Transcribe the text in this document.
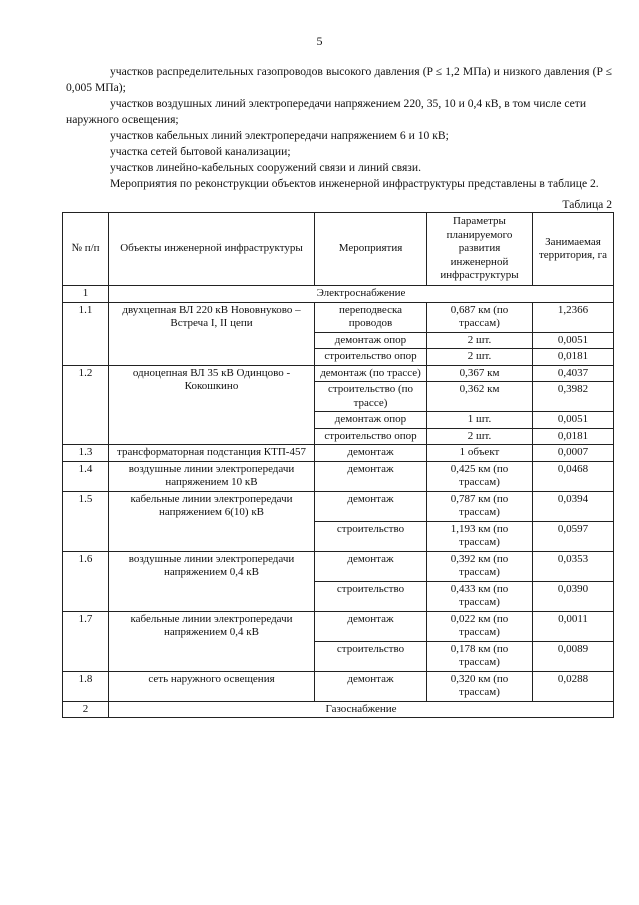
5

участков распределительных газопроводов высокого давления (P ≤ 1,2 МПа) и низкого давления (P ≤ 0,005 МПа);

участков воздушных линий электропередачи напряжением 220, 35, 10 и 0,4 кВ, в том числе сети наружного освещения;

участков кабельных линий электропередачи напряжением 6 и 10 кВ;

участка сетей бытовой канализации;

участков линейно-кабельных сооружений связи и линий связи.

Мероприятия по реконструкции объектов инженерной инфраструктуры представлены в таблице 2.

Таблица 2
№ п/п	Объекты инженерной инфраструктуры	Мероприятия	Параметры планируемого развития инженерной инфраструктуры	Занимаемая территория, га
1	Электроснабжение			
1.1	двухцепная ВЛ 220 кВ Нововнуково – Встреча I, II цепи	переподвеска проводов	0,687 км (по трассам)	1,2366
		демонтаж опор	2 шт.	0,0051
		строительство опор	2 шт.	0,0181
1.2	одноцепная ВЛ 35 кВ Одинцово - Кокошкино	демонтаж (по трассе)	0,367 км	0,4037
		строительство (по трассе)	0,362 км	0,3982
		демонтаж опор	1 шт.	0,0051
		строительство опор	2 шт.	0,0181
1.3	трансформаторная подстанция КТП-457	демонтаж	1 объект	0,0007
1.4	воздушные линии электропередачи напряжением 10 кВ	демонтаж	0,425 км (по трассам)	0,0468
1.5	кабельные линии электропередачи напряжением 6(10) кВ	демонтаж	0,787 км (по трассам)	0,0394
		строительство	1,193 км (по трассам)	0,0597
1.6	воздушные линии электропередачи напряжением 0,4 кВ	демонтаж	0,392 км (по трассам)	0,0353
		строительство	0,433 км (по трассам)	0,0390
1.7	кабельные линии электропередачи напряжением 0,4 кВ	демонтаж	0,022 км (по трассам)	0,0011
		строительство	0,178 км (по трассам)	0,0089
1.8	сеть наружного освещения	демонтаж	0,320 км (по трассам)	0,0288
2	Газоснабжение			
